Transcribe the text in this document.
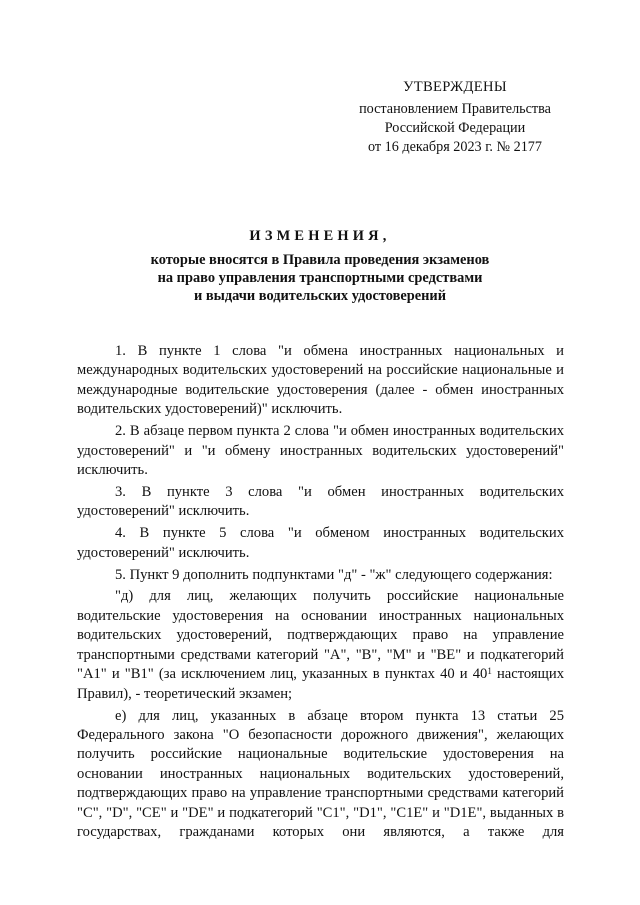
УТВЕРЖДЕНЫ
постановлением Правительства
Российской Федерации
от 16 декабря 2023 г. № 2177
ИЗМЕНЕНИЯ,
которые вносятся в Правила проведения экзаменов
на право управления транспортными средствами
и выдачи водительских удостоверений

1. В пункте 1 слова "и обмена иностранных национальных и международных водительских удостоверений на российские национальные и международные водительские удостоверения (далее - обмен иностранных водительских удостоверений)" исключить.

2. В абзаце первом пункта 2 слова "и обмен иностранных водительских удостоверений" и "и обмену иностранных водительских удостоверений" исключить.

3. В пункте 3 слова "и обмен иностранных водительских удостоверений" исключить.

4. В пункте 5 слова "и обменом иностранных водительских удостоверений" исключить.

5. Пункт 9 дополнить подпунктами "д" - "ж" следующего содержания:

"д) для лиц, желающих получить российские национальные водительские удостоверения на основании иностранных национальных водительских удостоверений, подтверждающих право на управление транспортными средствами категорий "A", "B", "M" и "BE" и подкатегорий "A1" и "B1" (за исключением лиц, указанных в пунктах 40 и $40^1$ настоящих Правил), - теоретический экзамен;

е) для лиц, указанных в абзаце втором пункта 13 статьи 25 Федерального закона "О безопасности дорожного движения", желающих получить российские национальные водительские удостоверения на основании иностранных национальных водительских удостоверений, подтверждающих право на управление транспортными средствами категорий "C", "D", "CE" и "DE" и подкатегорий "C1", "D1", "C1E" и "D1E", выданных в государствах, гражданами которых они являются, а также для
